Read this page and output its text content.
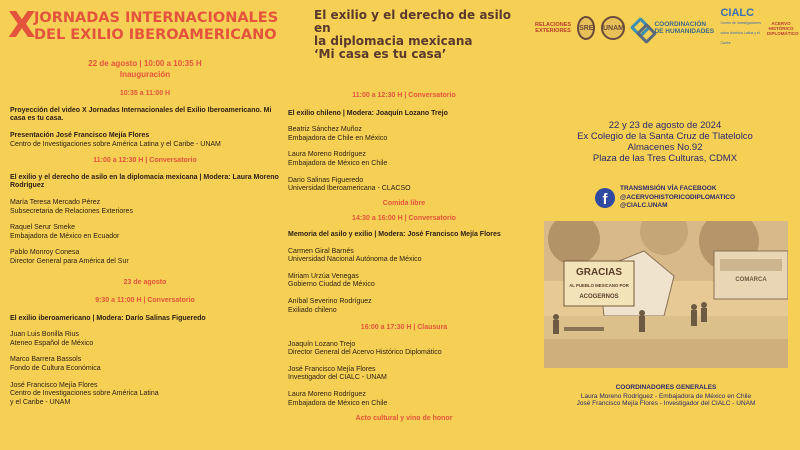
X
JORNADAS INTERNACIONALES
DEL EXILIO IBEROAMERICANO
El exilio y el derecho de asilo en
la diplomacia mexicana
‘Mi casa es tu casa’
RELACIONES EXTERIORES SRE UNAM	COORDINACIÓN DE HUMANIDADES
CIALC
Centro de Investigaciones sobre América Latina y el Caribe
ACERVO HISTÓRICO DIPLOMÁTICO
22 de agosto | 10:00 a 10:35 H
Inauguración
10:35 a 11:00 H
Proyección del video X Jornadas Internacionales del Exilio Iberoamericano. Mi casa es tu casa.
Presentación José Francisco Mejía Flores
Centro de Investigaciones sobre América Latina y el Caribe - UNAM
11:00 a 12:30 H | Conversatorio
El exilio y el derecho de asilo en la diplomacia mexicana | Modera: Laura Moreno Rodríguez
María Teresa Mercado Pérez
Subsecretaria de Relaciones Exteriores
Raquel Serur Smeke
Embajadora de México en Ecuador
Pablo Monroy Conesa
Director General para América del Sur
23 de agosto
9:30 a 11:00 H | Conversatorio
El exilio iberoamericano | Modera: Darío Salinas Figueredo
Juan Luis Bonilla Rius
Ateneo Español de México
Marco Barrera Bassols
Fondo de Cultura Económica
José Francisco Mejía Flores
Centro de Investigaciones sobre América Latina
y el Caribe - UNAM
11:00 a 12:30 H | Conversatorio
El exilio chileno | Modera: Joaquín Lozano Trejo
Beatriz Sánchez Muñoz
Embajadora de Chile en México
Laura Moreno Rodríguez
Embajadora de México en Chile
Dario Salinas Figueredo
Universidad Iberoamericana - CLACSO
Comida libre
14:30 a 16:00 H | Conversatorio
Memoria del asilo y exilio | Modera: José Francisco Mejía Flores
Carmen Giral Barnés
Universidad Nacional Autónoma de México
Miriam Urzúa Venegas
Gobierno Ciudad de México
Aníbal Severino Rodríguez
Exiliado chileno
16:00 a 17:30 H | Clausura
Joaquín Lozano Trejo
Director General del Acervo Histórico Diplomático
José Francisco Mejía Flores
Investigador del CIALC - UNAM
Laura Moreno Rodríguez
Embajadora de México en Chile
Acto cultural y vino de honor
22 y 23 de agosto de 2024
Ex Colegio de la Santa Cruz de Tlatelolco
Almacenes No.92
Plaza de las Tres Culturas, CDMX
f
TRANSMISIÓN VÍA FACEBOOK
@ACERVOHISTORICODIPLOMATICO
@CIALC.UNAM
COMARCA
GRACIAS
AL PUEBLO MEXICANO POR
ACOGERNOS
COORDINADORES GENERALES
Laura Moreno Rodríguez - Embajadora de México en Chile
José Francisco Mejía Flores - Investigador del CIALC - UNAM
